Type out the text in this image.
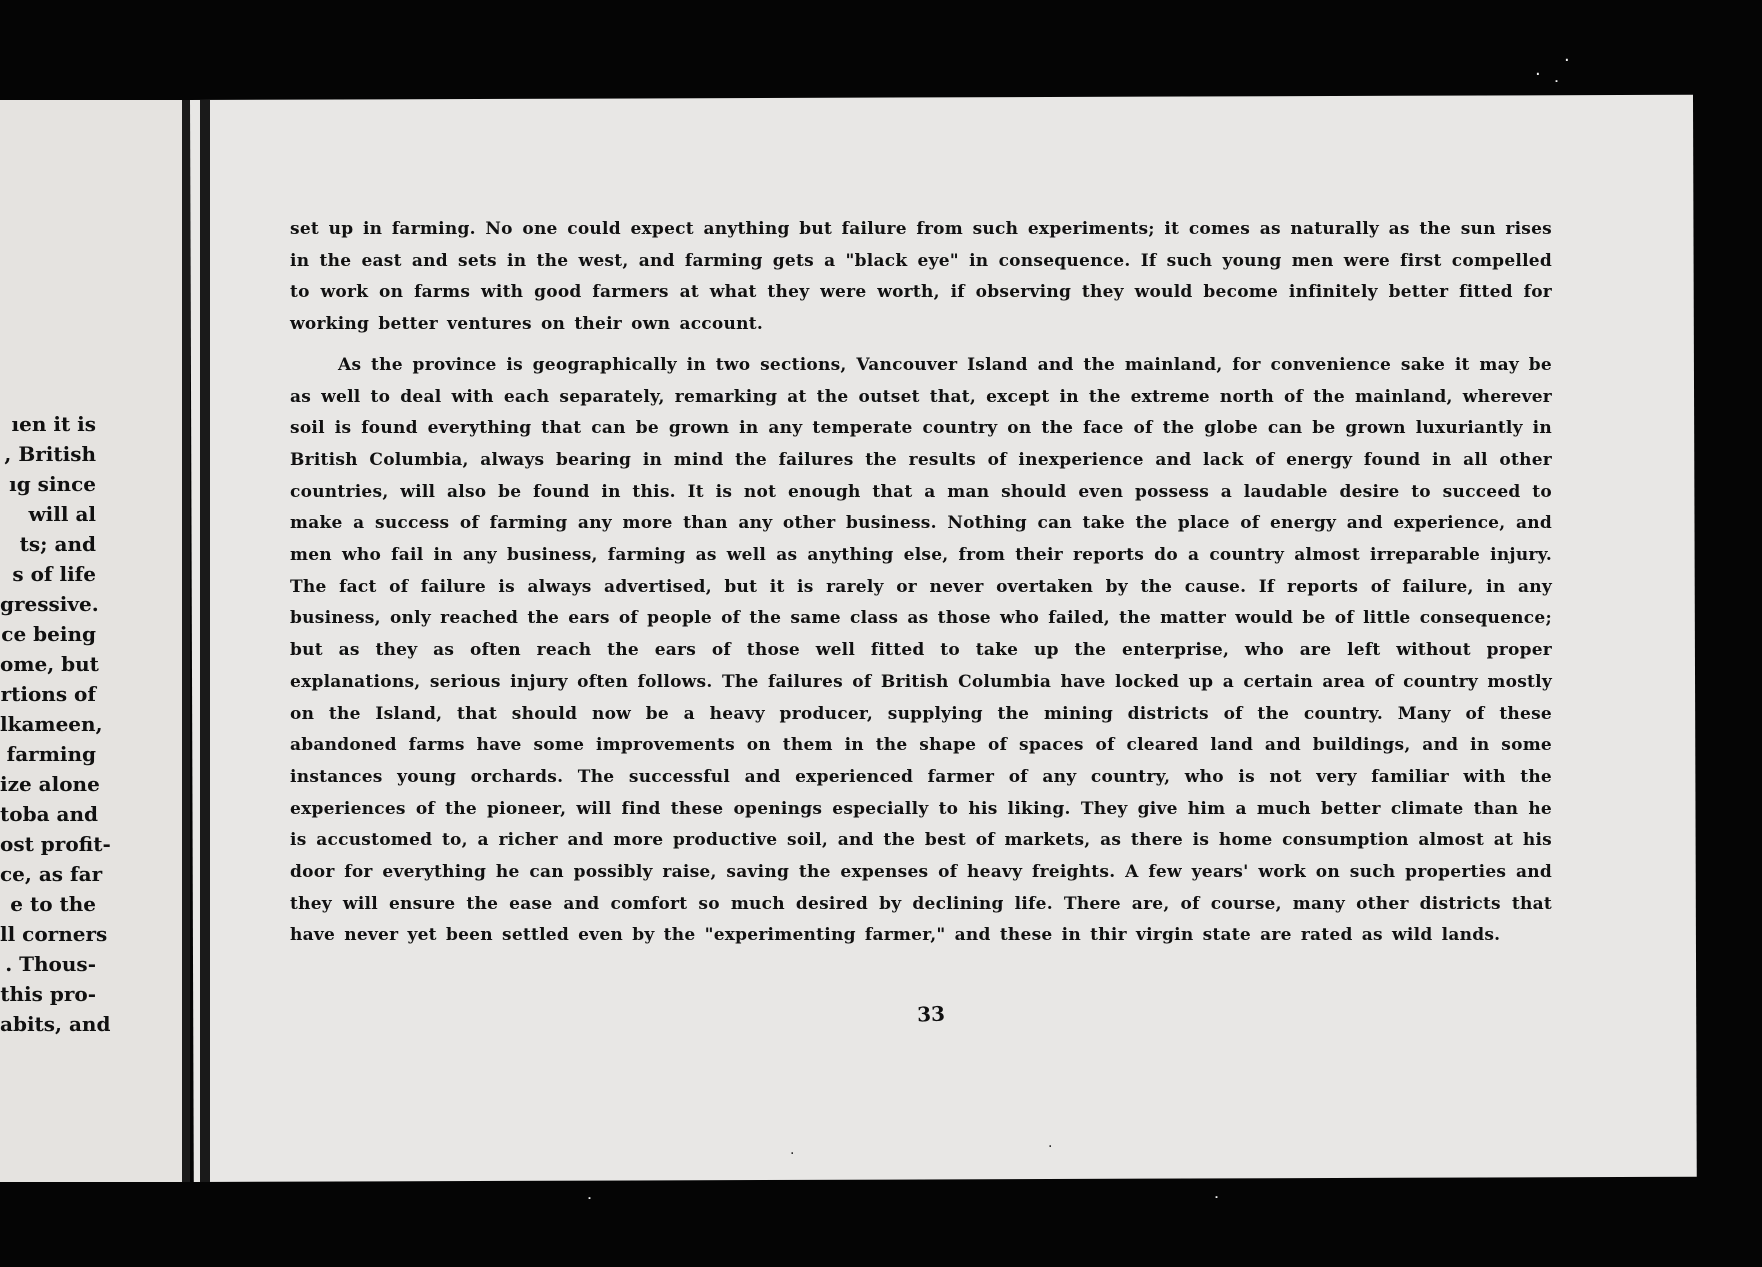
ıen it is
, British
ıg since
will al
ts; and
s of life
gressive.
ce being
ome, but
rtions of
lkameen,
farming
ize alone
toba and
ost profit-
ce, as far
e to the
ll corners
. Thous-
this pro-
abits, and

set up in farming. No one could expect anything but failure from such experiments; it comes as naturally as the sun rises in the east and sets in the west, and farming gets a "black eye" in consequence. If such young men were first compelled to work on farms with good farmers at what they were worth, if observing they would become infinitely better fitted for working better ventures on their own account.

As the province is geographically in two sections, Vancouver Island and the mainland, for convenience sake it may be as well to deal with each separately, remarking at the outset that, except in the extreme north of the mainland, wherever soil is found everything that can be grown in any temperate country on the face of the globe can be grown luxuriantly in British Columbia, always bearing in mind the failures the results of inexperience and lack of energy found in all other countries, will also be found in this. It is not enough that a man should even possess a laudable desire to succeed to make a success of farming any more than any other business. Nothing can take the place of energy and experience, and men who fail in any business, farming as well as anything else, from their reports do a country almost irreparable injury. The fact of failure is always advertised, but it is rarely or never overtaken by the cause. If reports of failure, in any business, only reached the ears of people of the same class as those who failed, the matter would be of little consequence; but as they as often reach the ears of those well fitted to take up the enterprise, who are left without proper explanations, serious injury often follows. The failures of British Columbia have locked up a certain area of country mostly on the Island, that should now be a heavy producer, supplying the mining districts of the country. Many of these abandoned farms have some improvements on them in the shape of spaces of cleared land and buildings, and in some instances young orchards. The successful and experienced farmer of any country, who is not very familiar with the experiences of the pioneer, will find these openings especially to his liking. They give him a much better climate than he is accustomed to, a richer and more productive soil, and the best of markets, as there is home consumption almost at his door for everything he can possibly raise, saving the expenses of heavy freights. A few years' work on such properties and they will ensure the ease and comfort so much desired by declining life. There are, of course, many other districts that have never yet been settled even by the "experimenting farmer," and these in thir virgin state are rated as wild lands.

33
·
˙
·
˙	˙
·
·
